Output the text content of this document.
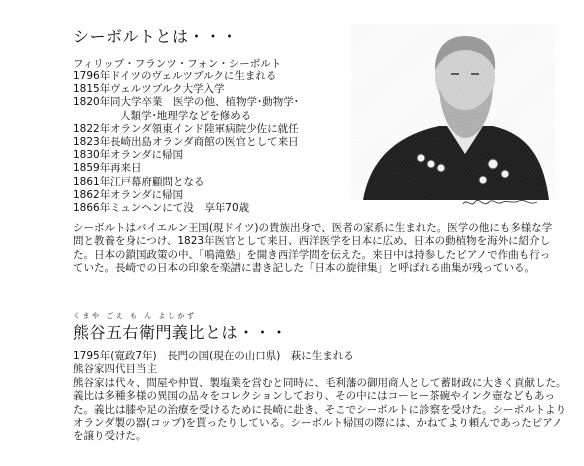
シーボルトとは・・・
フィリップ・フランツ・フォン・シーボルト
1796年 ドイツのヴェルツブルクに生まれる
1815年 ヴェルツブルク大学入学
1820年 同大学卒業　医学の他、植物学･動物学･
人類学･地理学などを修める
1822年 オランダ領東インド陸軍病院少佐に就任
1823年 長崎出島オランダ商館の医官として来日
1830年 オランダに帰国
1859年 再来日
1861年 江戸幕府顧問となる
1862年 オランダに帰国
1866年 ミュンヘンにて没　享年70歳
シーボルトはバイエルン王国(現ドイツ)の貴族出身で、医者の家系に生まれた。医学の他にも多様な学問と教養を身につけ、1823年医官として来日、西洋医学を日本に広め、日本の動植物を海外に紹介した。日本の鎖国政策の中、「鳴滝塾」を開き西洋学問を伝えた。来日中は持参したピアノで作曲も行っていた。長崎での日本の印象を楽譜に書き記した「日本の旋律集」と呼ばれる曲集が残っている。
くまや ごえ も ん よしかず
熊谷五右衛門義比とは・・・
1795年(寛政7年)　長門の国(現在の山口県)　萩に生まれる
熊谷家四代目当主
熊谷家は代々、問屋や仲買、製塩業を営むと同時に、毛利藩の御用商人として蓄財政に大きく貢献した。義比は多種多様の異国の品々をコレクションしており、その中にはコーヒー茶碗やインク壺などもあった。義比は膝や足の治療を受けるために長崎に赴き、そこでシーボルトに診察を受けた。シーボルトよりオランダ製の器(コップ)を貰ったりしている。シーボルト帰国の際には、かねてより頼んであったピアノを譲り受けた。
